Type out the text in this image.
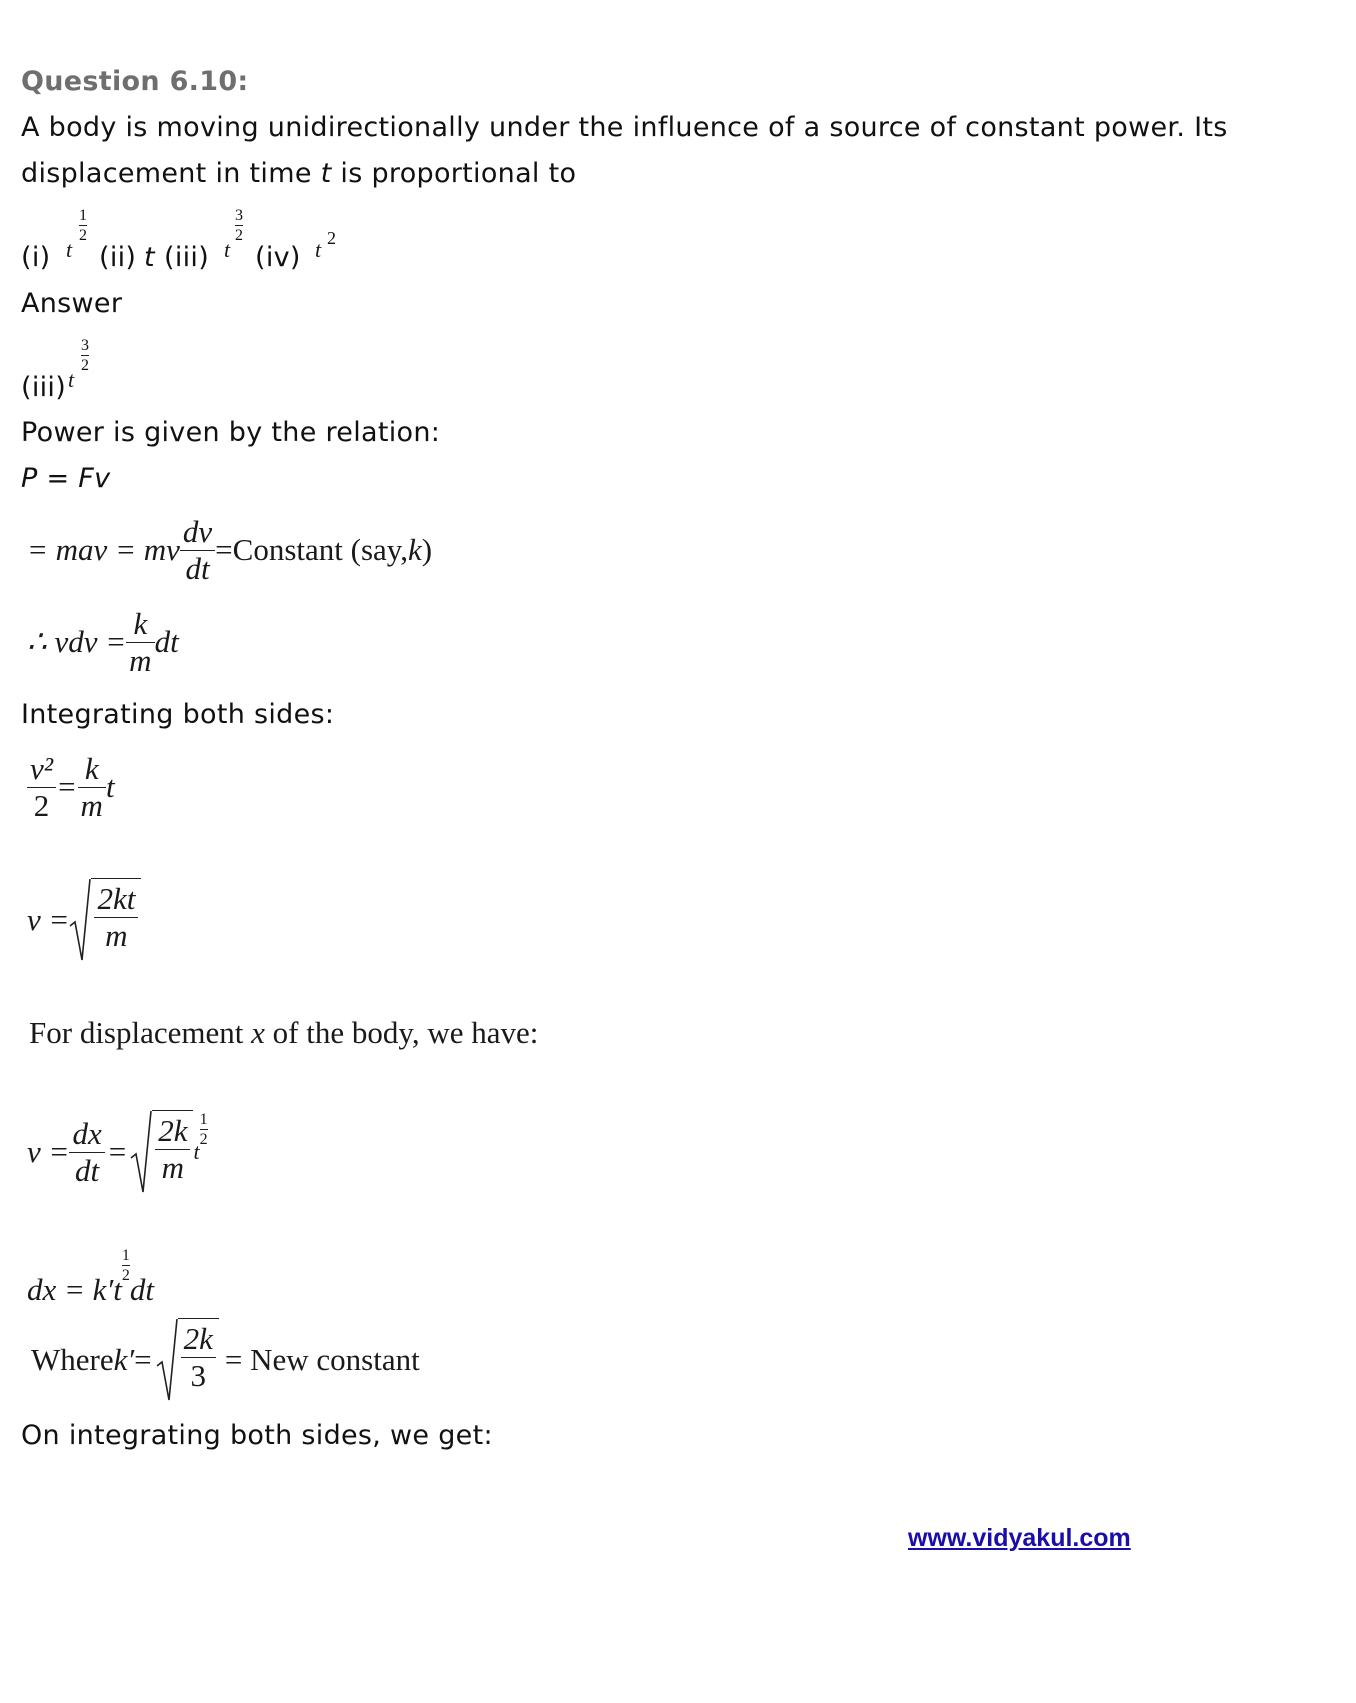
Question 6.10:
A body is moving unidirectionally under the influence of a source of constant power. Its
displacement in time t is proportional to
(i) t
1
2
(ii) t (iii) t
3
2
(iv) t 2
Answer
(iii) t
3
2
Power is given by the relation:
P = Fv
= mav = mv $\frac{dv}{dt}$ =Constant (say, k )
∴ vdv = $\frac{k}{m}$ dt
Integrating both sides:
$\frac{\text{v²}}{2} = \frac{k}{m}$ t
$v = \frac{2kt}{m}$
For displacement x of the body, we have:
$v = \frac{dx}{dt} = \frac{2k}{m}$ t
1
2
dx = k′t
1
2 dt
Where $k' = \frac{2k}{3}$ = New constant
On integrating both sides, we get:
www.vidyakul.com
